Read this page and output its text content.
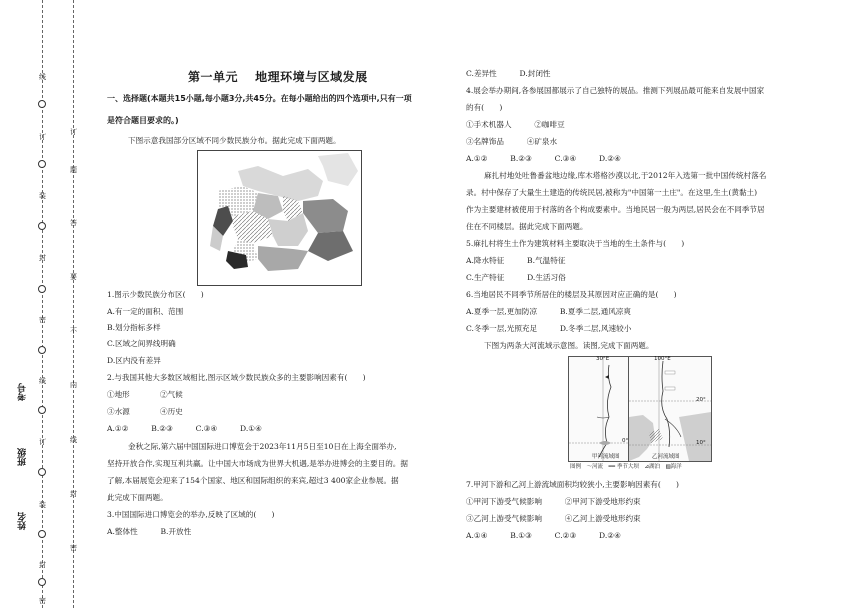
线
订
装
封
密
线
订
装
封
密
订
题
答
要
不
内
线
封
密
考号
班级
姓名
第一单元　 地理环境与区域发展
一、选择题(本题共15小题,每小题3分,共45分。在每小题给出的四个选项中,只有一项
是符合题目要求的。)
下图示意我国部分区域不同少数民族分布。据此完成下面两题。
1.图示少数民族分布区(　　)
A.有一定的面积、范围
B.划分指标多样
C.区域之间界线明确
D.区内没有差异
2.与我国其他大多数区域相比,图示区域少数民族众多的主要影响因素有(　　)
①地形	②气候
③水源	④历史
A.①②　　　B.②③　　　C.③④　　　D.①④
金秋之际,第六届中国国际进口博览会于2023年11月5日至10日在上海全面举办,
坚持开放合作,实现互利共赢。让中国大市场成为世界大机遇,是举办进博会的主要目的。据
了解,本届展览会迎来了154个国家、地区和国际组织的来宾,超过3 400家企业参展。据
此完成下面两题。
3.中国国际进口博览会的举办,反映了区域的(　　)
A.整体性　　　B.开放性
C.差异性　　　D.封闭性
4.展会举办期间,各参展国都展示了自己独特的展品。推测下列展品最可能来自发展中国家
的有(　　)
①手术机器人　　　②咖啡豆
③名牌饰品　　　④矿泉水
A.①②　　　B.②③　　　C.③④　　　D.②④
麻扎村地处吐鲁番盆地边缘,库木塔格沙漠以北,于2012年入选第一批中国传统村落名
录。村中保存了大量生土建造的传统民居,被称为"中国第一土庄"。在这里,生土(黄黏土)
作为主要建材被使用于村落的各个构成要素中。当地民居一般为两层,居民会在不同季节居
住在不同楼层。据此完成下面两题。
5.麻扎村将生土作为建筑材料主要取决于当地的生土条件与(　　)
A.降水特征　　　B.气温特征
C.生产特征　　　D.生活习俗
6.当地居民不同季节所居住的楼层及其原因对应正确的是(　　)
A.夏季一层,更加防凉　　　B.夏季二层,通风凉爽
C.冬季一层,光照充足　　　D.冬季二层,风速较小
下图为两条大河流域示意图。读图,完成下面两题。
30°E
0°
甲河流域图
100°E
20°
10°
乙河流域图
图例　～河流　━━ 季节大坝　⊿湖泊　▨海洋
7.甲河下游和乙河上游流域面积均较狭小,主要影响因素有(　　)
①甲河下游受气候影响　　　②甲河下游受地形约束
③乙河上游受气候影响　　　④乙河上游受地形约束
A.①④　　　B.①③　　　C.②③　　　D.②④
